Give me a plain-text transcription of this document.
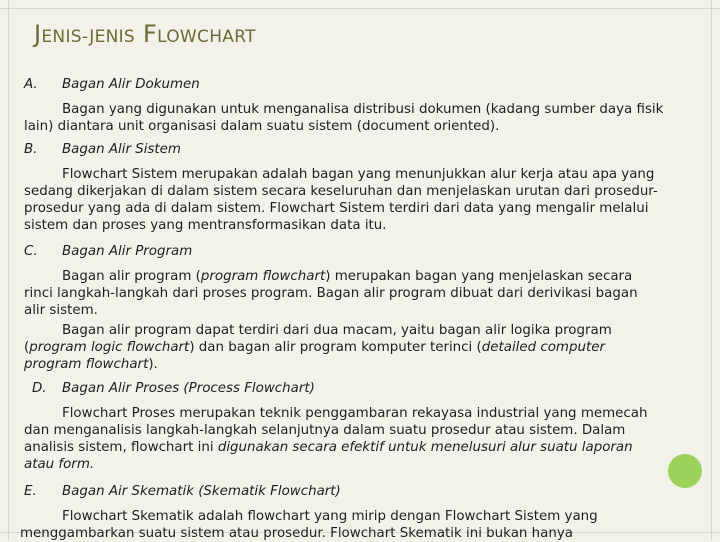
JENIS-JENIS FLOWCHART
A. Bagan Alir Dokumen
Bagan yang digunakan untuk menganalisa distribusi dokumen (kadang sumber daya fisik
lain) diantara unit organisasi dalam suatu sistem (document oriented).
B. Bagan Alir Sistem
Flowchart Sistem merupakan adalah bagan yang menunjukkan alur kerja atau apa yang
sedang dikerjakan di dalam sistem secara keseluruhan dan menjelaskan urutan dari prosedur-
prosedur yang ada di dalam sistem. Flowchart Sistem terdiri dari data yang mengalir melalui
sistem dan proses yang mentransformasikan data itu.
C. Bagan Alir Program
Bagan alir program (program flowchart) merupakan bagan yang menjelaskan secara
rinci langkah-langkah dari proses program. Bagan alir program dibuat dari derivikasi bagan
alir sistem.
Bagan alir program dapat terdiri dari dua macam, yaitu bagan alir logika program
(program logic flowchart) dan bagan alir program komputer terinci (detailed computer
program flowchart).
D. Bagan Alir Proses (Process Flowchart)
Flowchart Proses merupakan teknik penggambaran rekayasa industrial yang memecah
dan menganalisis langkah-langkah selanjutnya dalam suatu prosedur atau sistem. Dalam
analisis sistem, flowchart ini digunakan secara efektif untuk menelusuri alur suatu laporan
atau form.
E. Bagan Air Skematik (Skematik Flowchart)
Flowchart Skematik adalah flowchart yang mirip dengan Flowchart Sistem yang
menggambarkan suatu sistem atau prosedur. Flowchart Skematik ini bukan hanya
